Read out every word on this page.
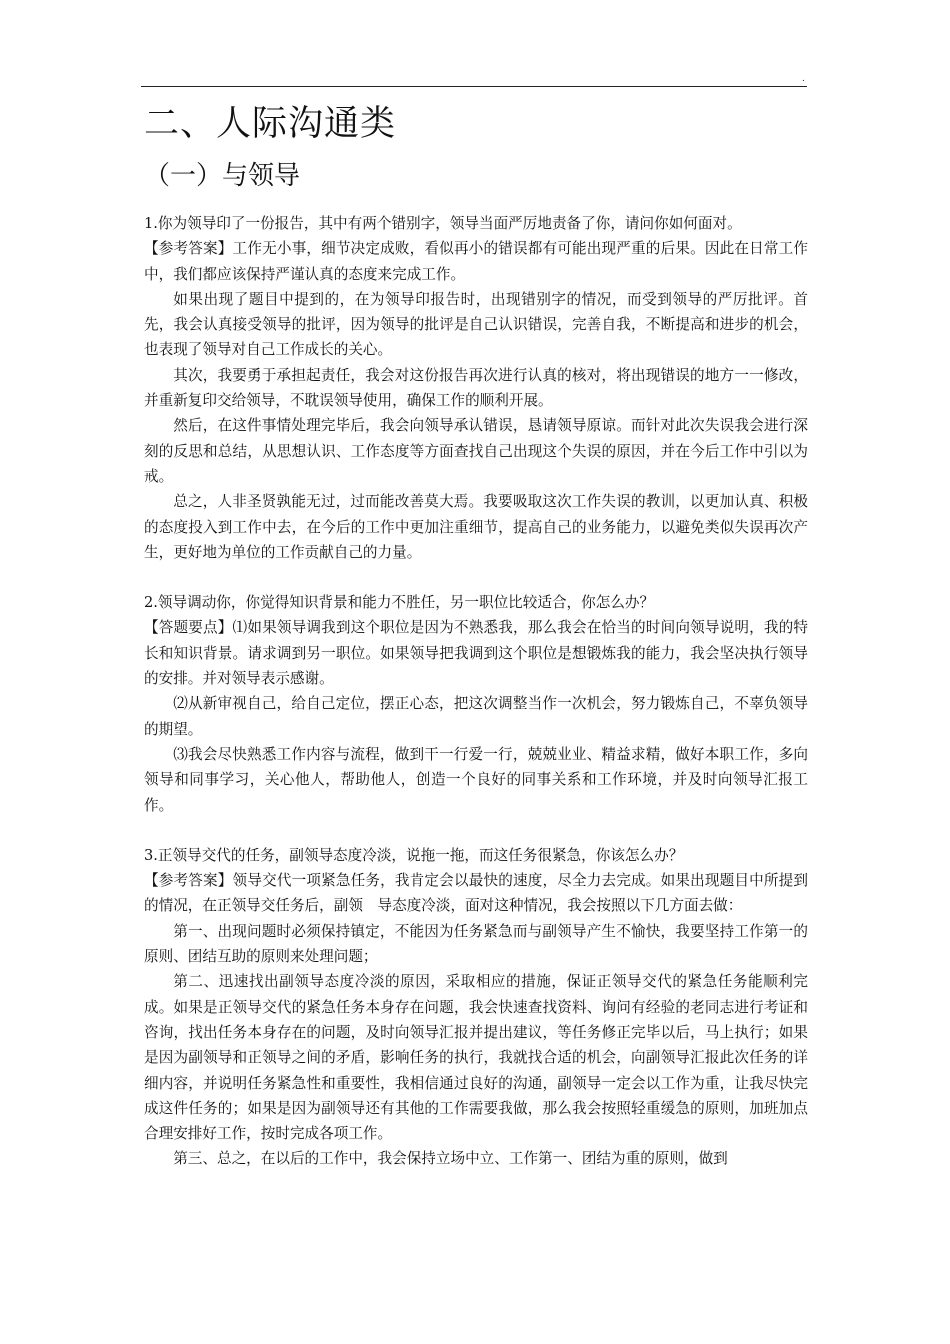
.
二、人际沟通类
（一）与领导

1.你为领导印了一份报告，其中有两个错别字，领导当面严厉地责备了你，请问你如何面对。

【参考答案】工作无小事，细节决定成败，看似再小的错误都有可能出现严重的后果。因此在日常工作中，我们都应该保持严谨认真的态度来完成工作。

如果出现了题目中提到的，在为领导印报告时，出现错别字的情况，而受到领导的严厉批评。首先，我会认真接受领导的批评，因为领导的批评是自己认识错误，完善自我，不断提高和进步的机会，也表现了领导对自己工作成长的关心。

其次，我要勇于承担起责任，我会对这份报告再次进行认真的核对，将出现错误的地方一一修改，并重新复印交给领导，不耽误领导使用，确保工作的顺利开展。

然后，在这件事情处理完毕后，我会向领导承认错误，恳请领导原谅。而针对此次失误我会进行深刻的反思和总结，从思想认识、工作态度等方面查找自己出现这个失误的原因，并在今后工作中引以为戒。

总之，人非圣贤孰能无过，过而能改善莫大焉。我要吸取这次工作失误的教训，以更加认真、积极的态度投入到工作中去，在今后的工作中更加注重细节，提高自己的业务能力，以避免类似失误再次产生，更好地为单位的工作贡献自己的力量。

2.领导调动你，你觉得知识背景和能力不胜任，另一职位比较适合，你怎么办？

【答题要点】⑴如果领导调我到这个职位是因为不熟悉我，那么我会在恰当的时间向领导说明，我的特长和知识背景。请求调到另一职位。如果领导把我调到这个职位是想锻炼我的能力，我会坚决执行领导的安排。并对领导表示感谢。

⑵从新审视自己，给自己定位，摆正心态，把这次调整当作一次机会，努力锻炼自己，不辜负领导的期望。

⑶我会尽快熟悉工作内容与流程，做到干一行爱一行，兢兢业业、精益求精，做好本职工作，多向领导和同事学习，关心他人，帮助他人，创造一个良好的同事关系和工作环境，并及时向领导汇报工作。

3.正领导交代的任务，副领导态度冷淡，说拖一拖，而这任务很紧急，你该怎么办？

【参考答案】领导交代一项紧急任务，我肯定会以最快的速度，尽全力去完成。如果出现题目中所提到的情况，在正领导交任务后，副领　导态度冷淡，面对这种情况，我会按照以下几方面去做：

第一、出现问题时必须保持镇定，不能因为任务紧急而与副领导产生不愉快，我要坚持工作第一的原则、团结互助的原则来处理问题；

第二、迅速找出副领导态度冷淡的原因，采取相应的措施，保证正领导交代的紧急任务能顺利完成。如果是正领导交代的紧急任务本身存在问题，我会快速查找资料、询问有经验的老同志进行考证和咨询，找出任务本身存在的问题，及时向领导汇报并提出建议，等任务修正完毕以后，马上执行；如果是因为副领导和正领导之间的矛盾，影响任务的执行，我就找合适的机会，向副领导汇报此次任务的详细内容，并说明任务紧急性和重要性，我相信通过良好的沟通，副领导一定会以工作为重，让我尽快完成这件任务的；如果是因为副领导还有其他的工作需要我做，那么我会按照轻重缓急的原则，加班加点合理安排好工作，按时完成各项工作。

第三、总之，在以后的工作中，我会保持立场中立、工作第一、团结为重的原则，做到
